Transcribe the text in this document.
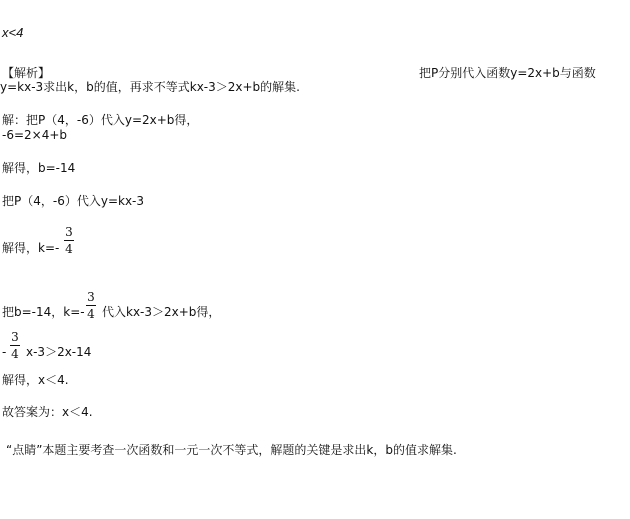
x<4
【解析】	把P分别代入函数y=2x+b与函数
y=kx-3求出k，b的值，再求不等式kx-3＞2x+b的解集.
解：把P（4，-6）代入y=2x+b得，
-6=2×4+b
解得，b=-14
把P（4，-6）代入y=kx-3
解得，k=-
3
4
把b=-14，k=-
3
4 代入kx-3＞2x+b得，
-
3
4 x-3＞2x-14
解得，x＜4.
故答案为：x＜4.
“点睛”本题主要考查一次函数和一元一次不等式，解题的关键是求出k，b的值求解集.
